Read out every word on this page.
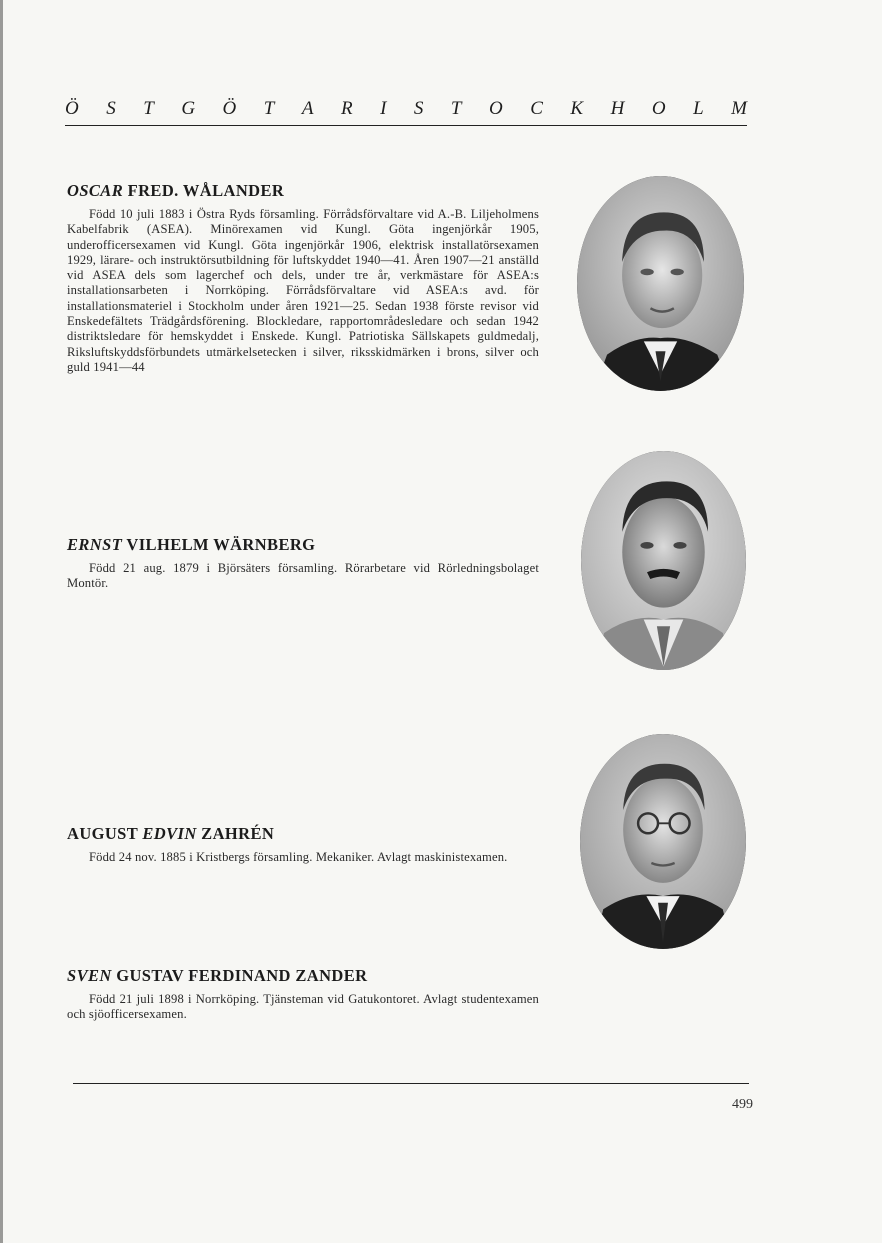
Ö S T G Ö T A R I S T O C K H O L M
OSCAR FRED. WÅLANDER

Född 10 juli 1883 i Östra Ryds församling. Förrådsförvaltare vid A.-B. Liljeholmens Kabelfabrik (ASEA). Minörexamen vid Kungl. Göta ingenjörkår 1905, underofficersexamen vid Kungl. Göta ingenjörkår 1906, elektrisk installatörsexamen 1929, lärare- och instruktörsutbildning för luftskyddet 1940—41. Åren 1907—21 anställd vid ASEA dels som lagerchef och dels, under tre år, verkmästare för ASEA:s installationsarbeten i Norrköping. Förrådsförvaltare vid ASEA:s avd. för installationsmateriel i Stockholm under åren 1921—25. Sedan 1938 förste revisor vid Enskedefältets Trädgårdsförening. Blockledare, rapportområdesledare och sedan 1942 distriktsledare för hemskyddet i Enskede. Kungl. Patriotiska Sällskapets guldmedalj, Riksluftskyddsförbundets utmärkelsetecken i silver, riksskidmärken i brons, silver och guld 1941—44

ERNST VILHELM WÄRNBERG

Född 21 aug. 1879 i Björsäters församling. Rörarbetare vid Rörledningsbolaget Montör.

AUGUST EDVIN ZAHRÉN

Född 24 nov. 1885 i Kristbergs församling. Mekaniker. Avlagt maskinistexamen.

SVEN GUSTAV FERDINAND ZANDER

Född 21 juli 1898 i Norrköping. Tjänsteman vid Gatukontoret. Avlagt studentexamen och sjöofficersexamen.

499
